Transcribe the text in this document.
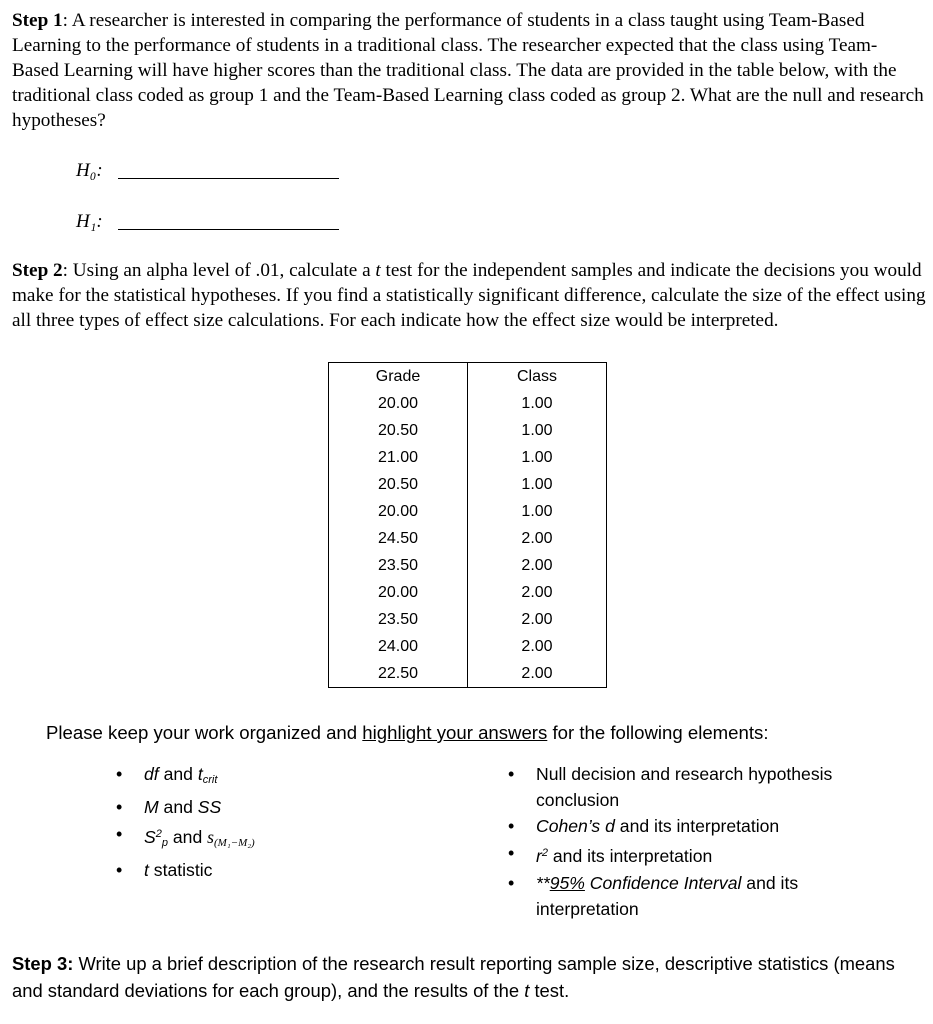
Step 1: A researcher is interested in comparing the performance of students in a class taught using Team-Based Learning to the performance of students in a traditional class. The researcher expected that the class using Team-Based Learning will have higher scores than the traditional class. The data are provided in the table below, with the traditional class coded as group 1 and the Team-Based Learning class coded as group 2. What are the null and research hypotheses?
H₀:
H₁:
Step 2: Using an alpha level of .01, calculate a t test for the independent samples and indicate the decisions you would make for the statistical hypotheses. If you find a statistically significant difference, calculate the size of the effect using all three types of effect size calculations. For each indicate how the effect size would be interpreted.
Grade	Class
20.00	1.00
20.50	1.00
21.00	1.00
20.50	1.00
20.00	1.00
24.50	2.00
23.50	2.00
20.00	2.00
23.50	2.00
24.00	2.00
22.50	2.00
Please keep your work organized and highlight your answers for the following elements:
• df and $t_{crit}$
• M and SS
• $S^2_p$ and $s_{(M_1-M_2)}$
• t statistic
• Null decision and research hypothesis conclusion
• Cohen’s d and its interpretation
• $r^2$ and its interpretation
• **95% Confidence Interval and its interpretation
Step 3: Write up a brief description of the research result reporting sample size, descriptive statistics (means and standard deviations for each group), and the results of the t test.
